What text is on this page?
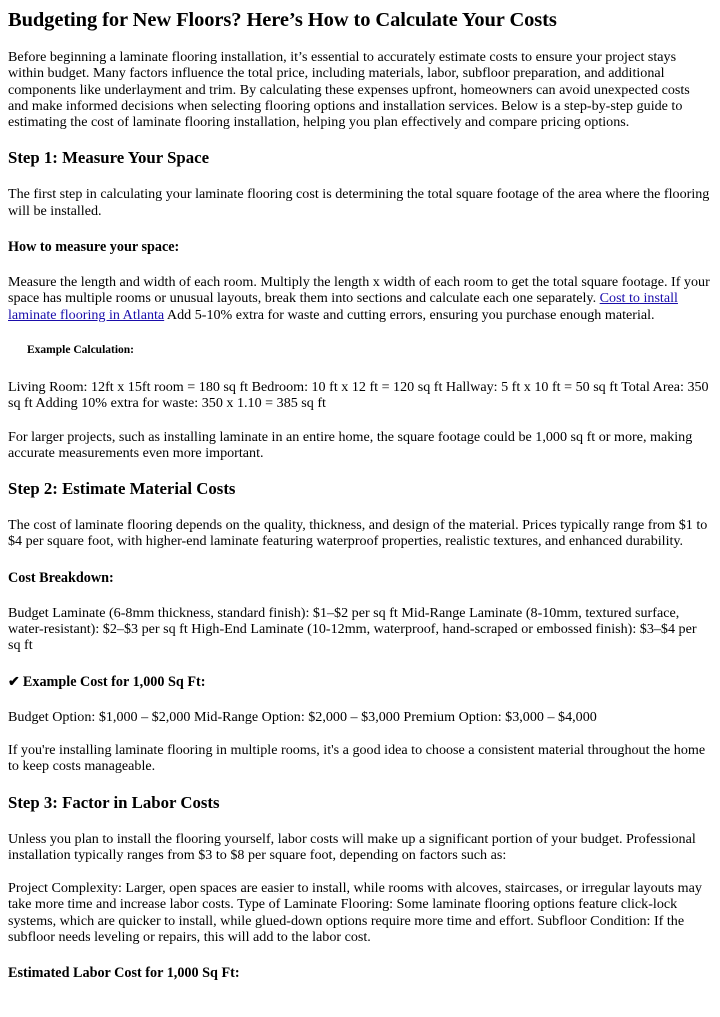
Budgeting for New Floors? Here’s How to Calculate Your Costs

Before beginning a laminate flooring installation, it’s essential to accurately estimate costs to ensure your project stays within budget. Many factors influence the total price, including materials, labor, subfloor preparation, and additional components like underlayment and trim. By calculating these expenses upfront, homeowners can avoid unexpected costs and make informed decisions when selecting flooring options and installation services. Below is a step-by-step guide to estimating the cost of laminate flooring installation, helping you plan effectively and compare pricing options.

Step 1: Measure Your Space

The first step in calculating your laminate flooring cost is determining the total square footage of the area where the flooring will be installed.

How to measure your space:

Measure the length and width of each room. Multiply the length x width of each room to get the total square footage. If your space has multiple rooms or unusual layouts, break them into sections and calculate each one separately. Cost to install laminate flooring in Atlanta Add 5-10% extra for waste and cutting errors, ensuring you purchase enough material.

Example Calculation:

Living Room: 12ft x 15ft room = 180 sq ft Bedroom: 10 ft x 12 ft = 120 sq ft Hallway: 5 ft x 10 ft = 50 sq ft Total Area: 350 sq ft Adding 10% extra for waste: 350 x 1.10 = 385 sq ft

For larger projects, such as installing laminate in an entire home, the square footage could be 1,000 sq ft or more, making accurate measurements even more important.

Step 2: Estimate Material Costs

The cost of laminate flooring depends on the quality, thickness, and design of the material. Prices typically range from $1 to $4 per square foot, with higher-end laminate featuring waterproof properties, realistic textures, and enhanced durability.

Cost Breakdown:

Budget Laminate (6-8mm thickness, standard finish): $1–$2 per sq ft Mid-Range Laminate (8-10mm, textured surface, water-resistant): $2–$3 per sq ft High-End Laminate (10-12mm, waterproof, hand-scraped or embossed finish): $3–$4 per sq ft

✔ Example Cost for 1,000 Sq Ft:

Budget Option: $1,000 – $2,000 Mid-Range Option: $2,000 – $3,000 Premium Option: $3,000 – $4,000

If you're installing laminate flooring in multiple rooms, it's a good idea to choose a consistent material throughout the home to keep costs manageable.

Step 3: Factor in Labor Costs

Unless you plan to install the flooring yourself, labor costs will make up a significant portion of your budget. Professional installation typically ranges from $3 to $8 per square foot, depending on factors such as:

Project Complexity: Larger, open spaces are easier to install, while rooms with alcoves, staircases, or irregular layouts may take more time and increase labor costs. Type of Laminate Flooring: Some laminate flooring options feature click-lock systems, which are quicker to install, while glued-down options require more time and effort. Subfloor Condition: If the subfloor needs leveling or repairs, this will add to the labor cost.

Estimated Labor Cost for 1,000 Sq Ft:
